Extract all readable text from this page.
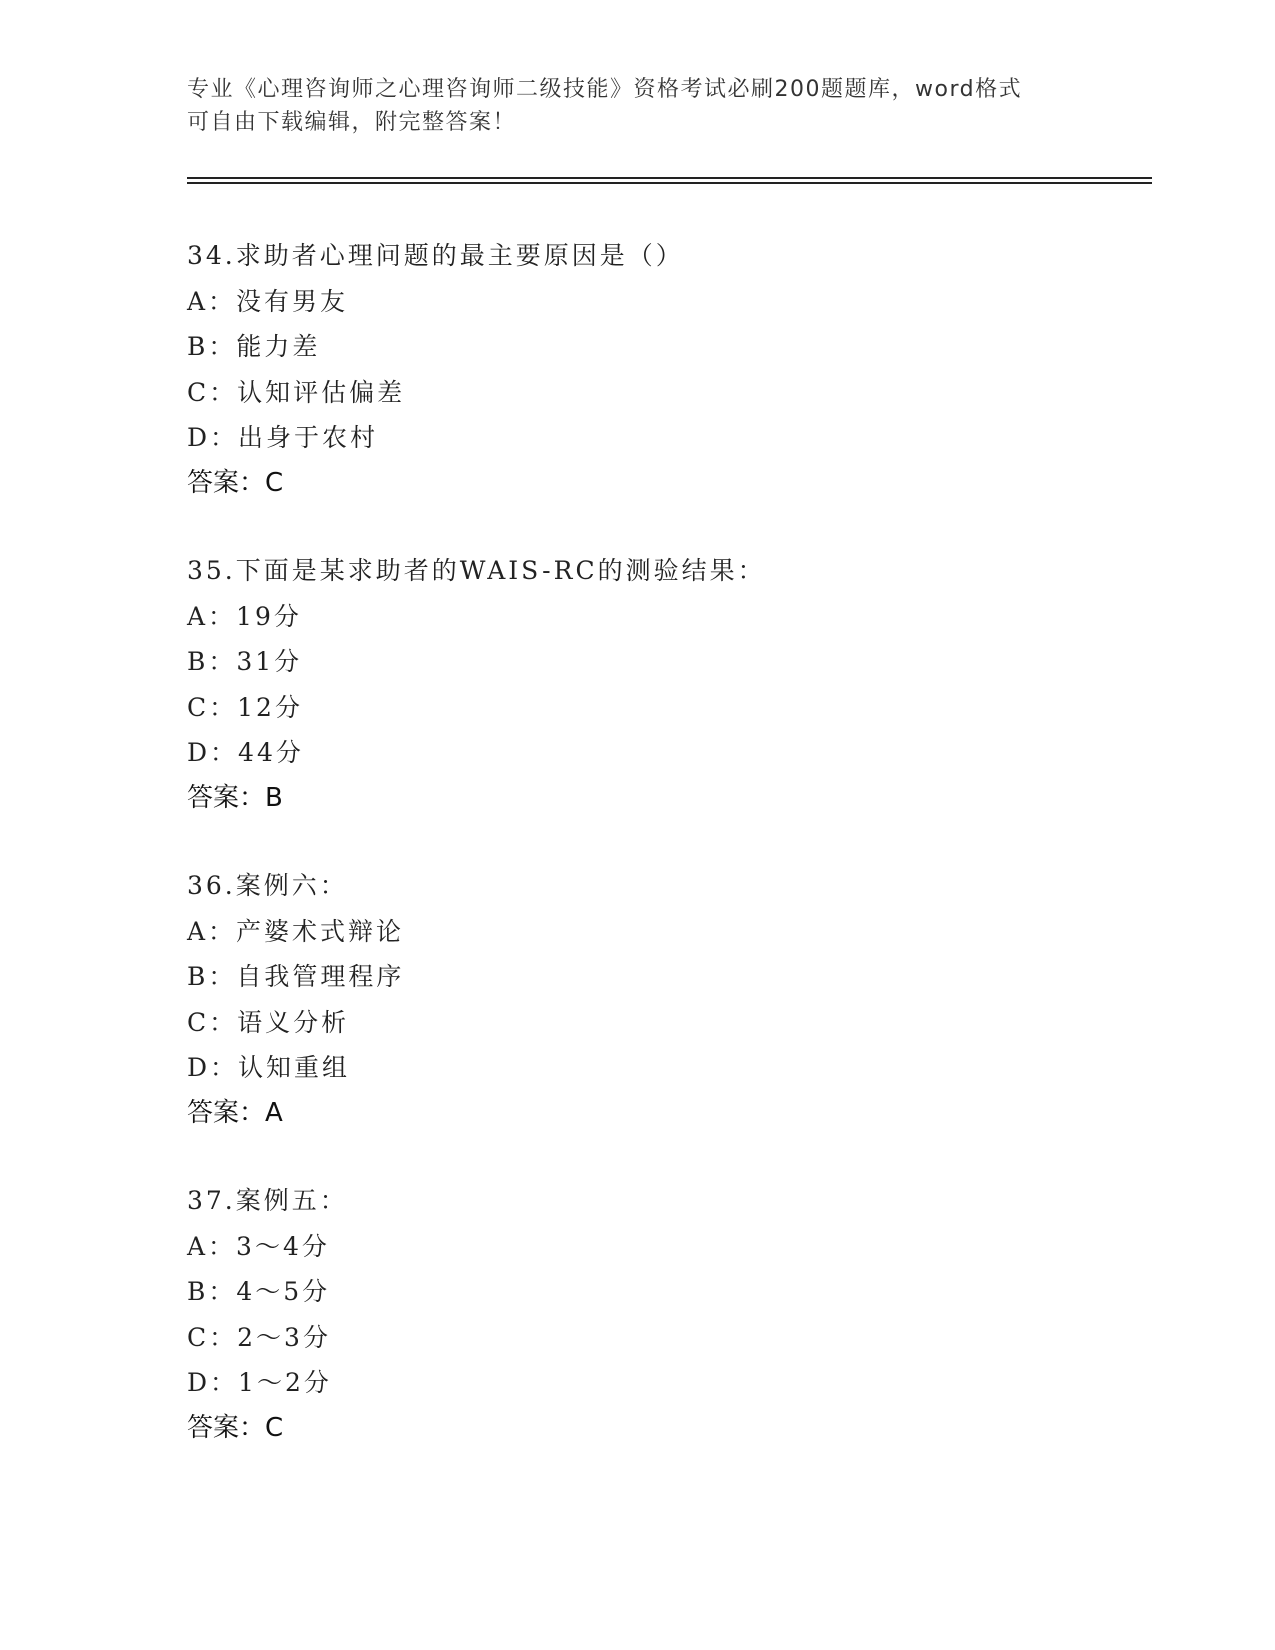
专业《心理咨询师之心理咨询师二级技能》资格考试必刷200题题库，word格式
可自由下载编辑，附完整答案！
34.求助者心理问题的最主要原因是（）
A：没有男友
B：能力差
C：认知评估偏差
D：出身于农村
答案：C
35.下面是某求助者的WAIS-RC的测验结果：
A：19分
B：31分
C：12分
D：44分
答案：B
36.案例六：
A：产婆术式辩论
B：自我管理程序
C：语义分析
D：认知重组
答案：A
37.案例五：
A：3～4分
B：4～5分
C：2～3分
D：1～2分
答案：C
